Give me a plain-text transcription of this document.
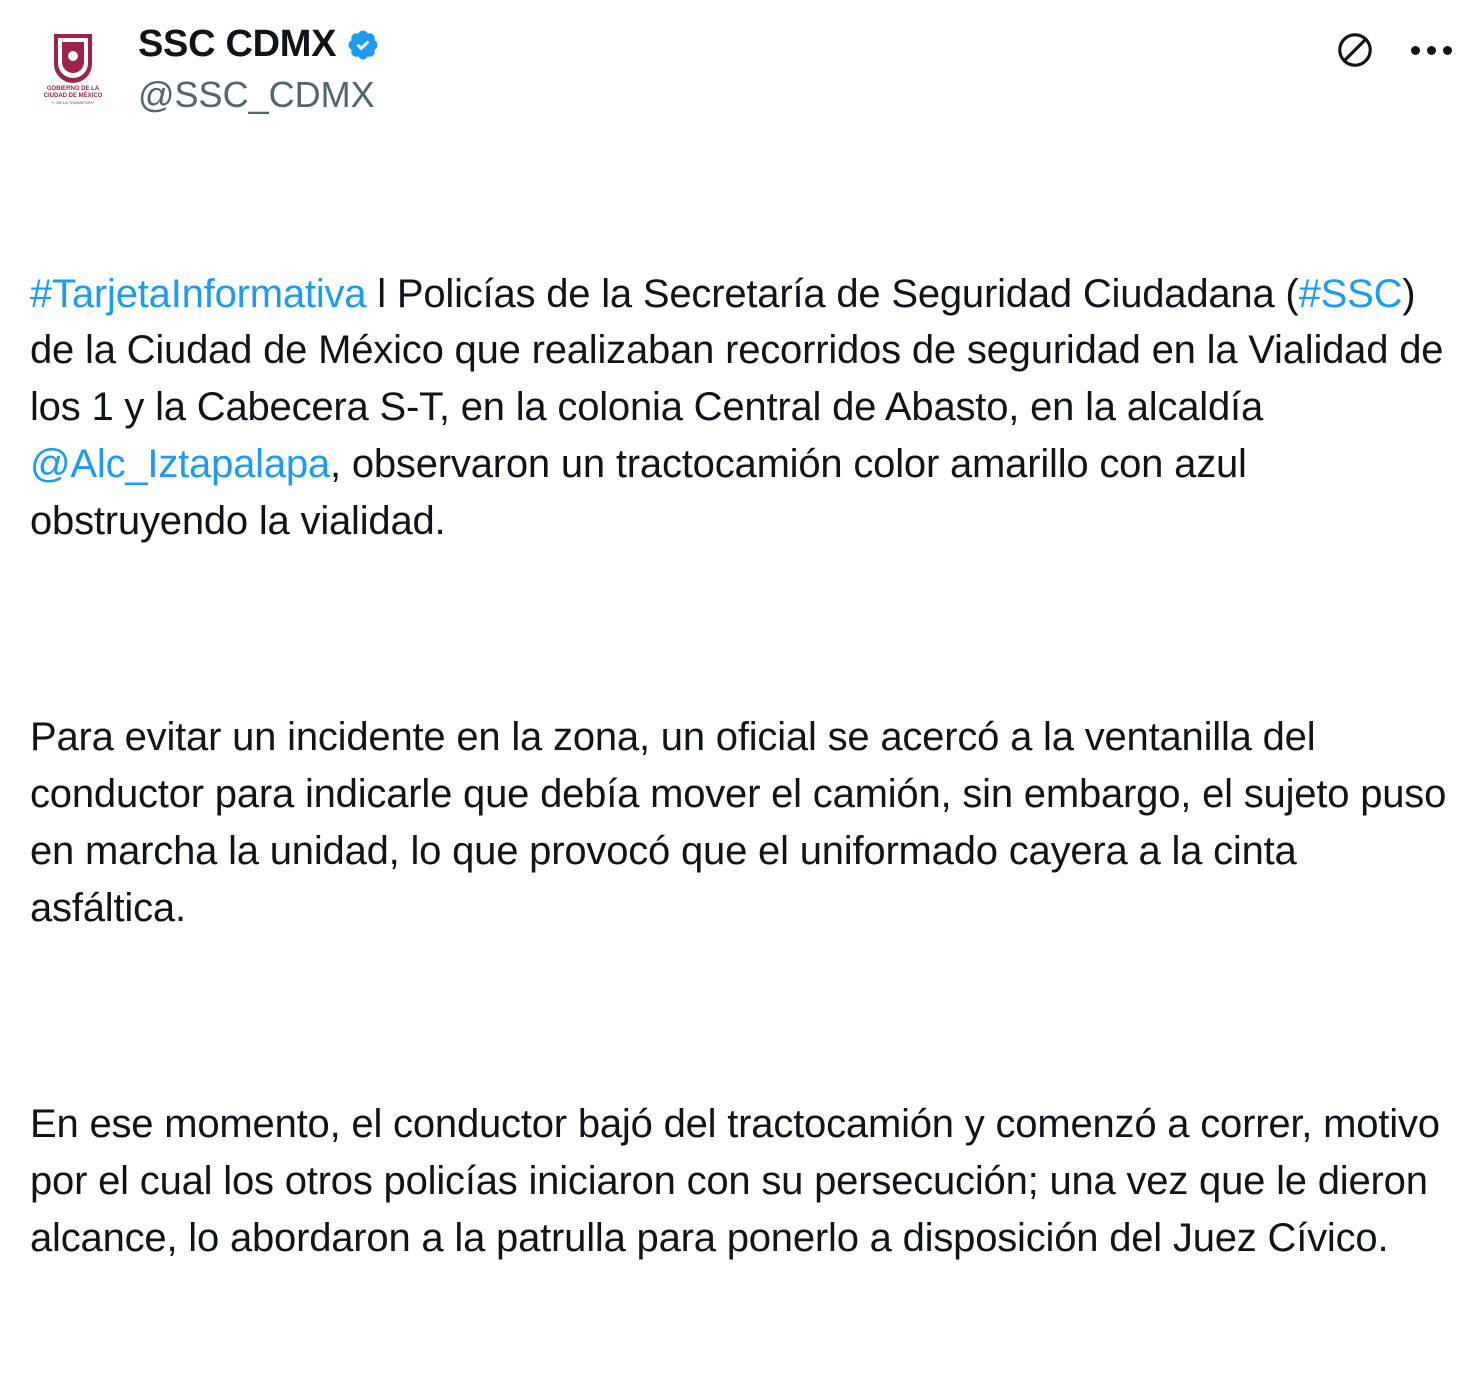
GOBIERNO DE LA
CIUDAD DE MÉXICO
CAPITAL DE LA TRANSFORMACIÓN
SSC CDMX
@SSC_CDMX

#TarjetaInformativa l Policías de la Secretaría de Seguridad Ciudadana (#SSC) de la Ciudad de México que realizaban recorridos de seguridad en la Vialidad de los 1 y la Cabecera S-T, en la colonia Central de Abasto, en la alcaldía @Alc_Iztapalapa, observaron un tractocamión color amarillo con azul obstruyendo la vialidad.

Para evitar un incidente en la zona, un oficial se acercó a la ventanilla del conductor para indicarle que debía mover el camión, sin embargo, el sujeto puso en marcha la unidad, lo que provocó que el uniformado cayera a la cinta asfáltica.

En ese momento, el conductor bajó del tractocamión y comenzó a correr, motivo por el cual los otros policías iniciaron con su persecución; una vez que le dieron alcance, lo abordaron a la patrulla para ponerlo a disposición del Juez Cívico.
